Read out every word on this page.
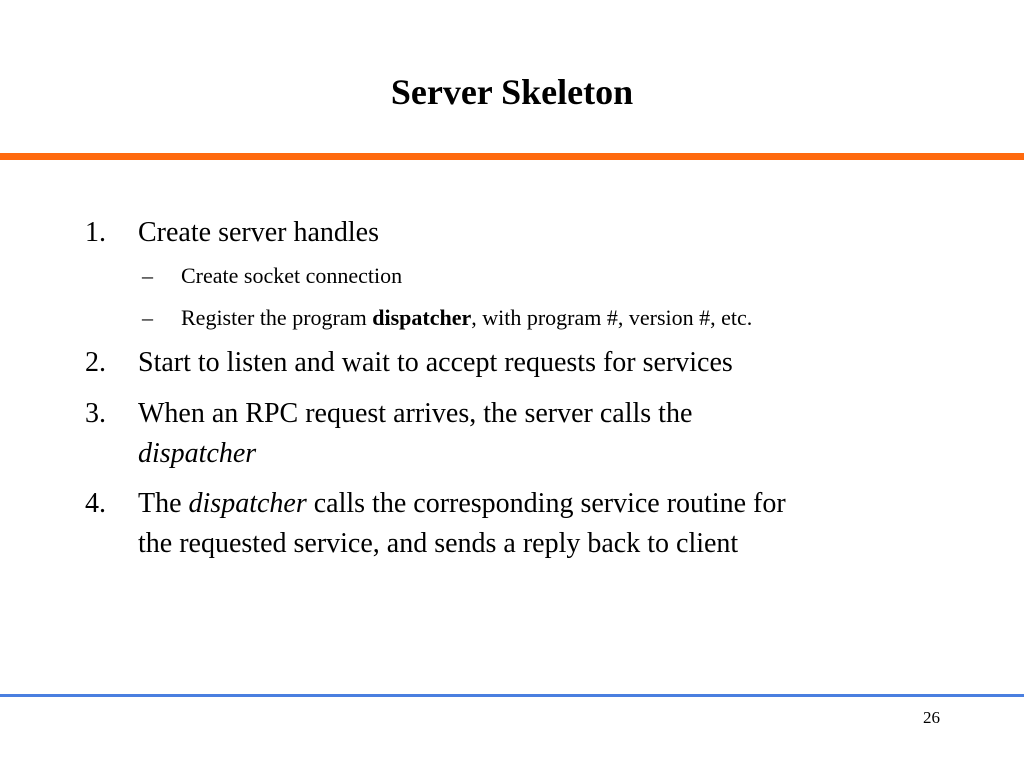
Server Skeleton
1.	Create server handles
–	Create socket connection
–	Register the program dispatcher, with program #, version #, etc.
2.	Start to listen and wait to accept requests for services
3.	When an RPC request arrives, the server calls the
dispatcher
4.	The dispatcher calls the corresponding service routine for
the requested service, and sends a reply back to client
26
